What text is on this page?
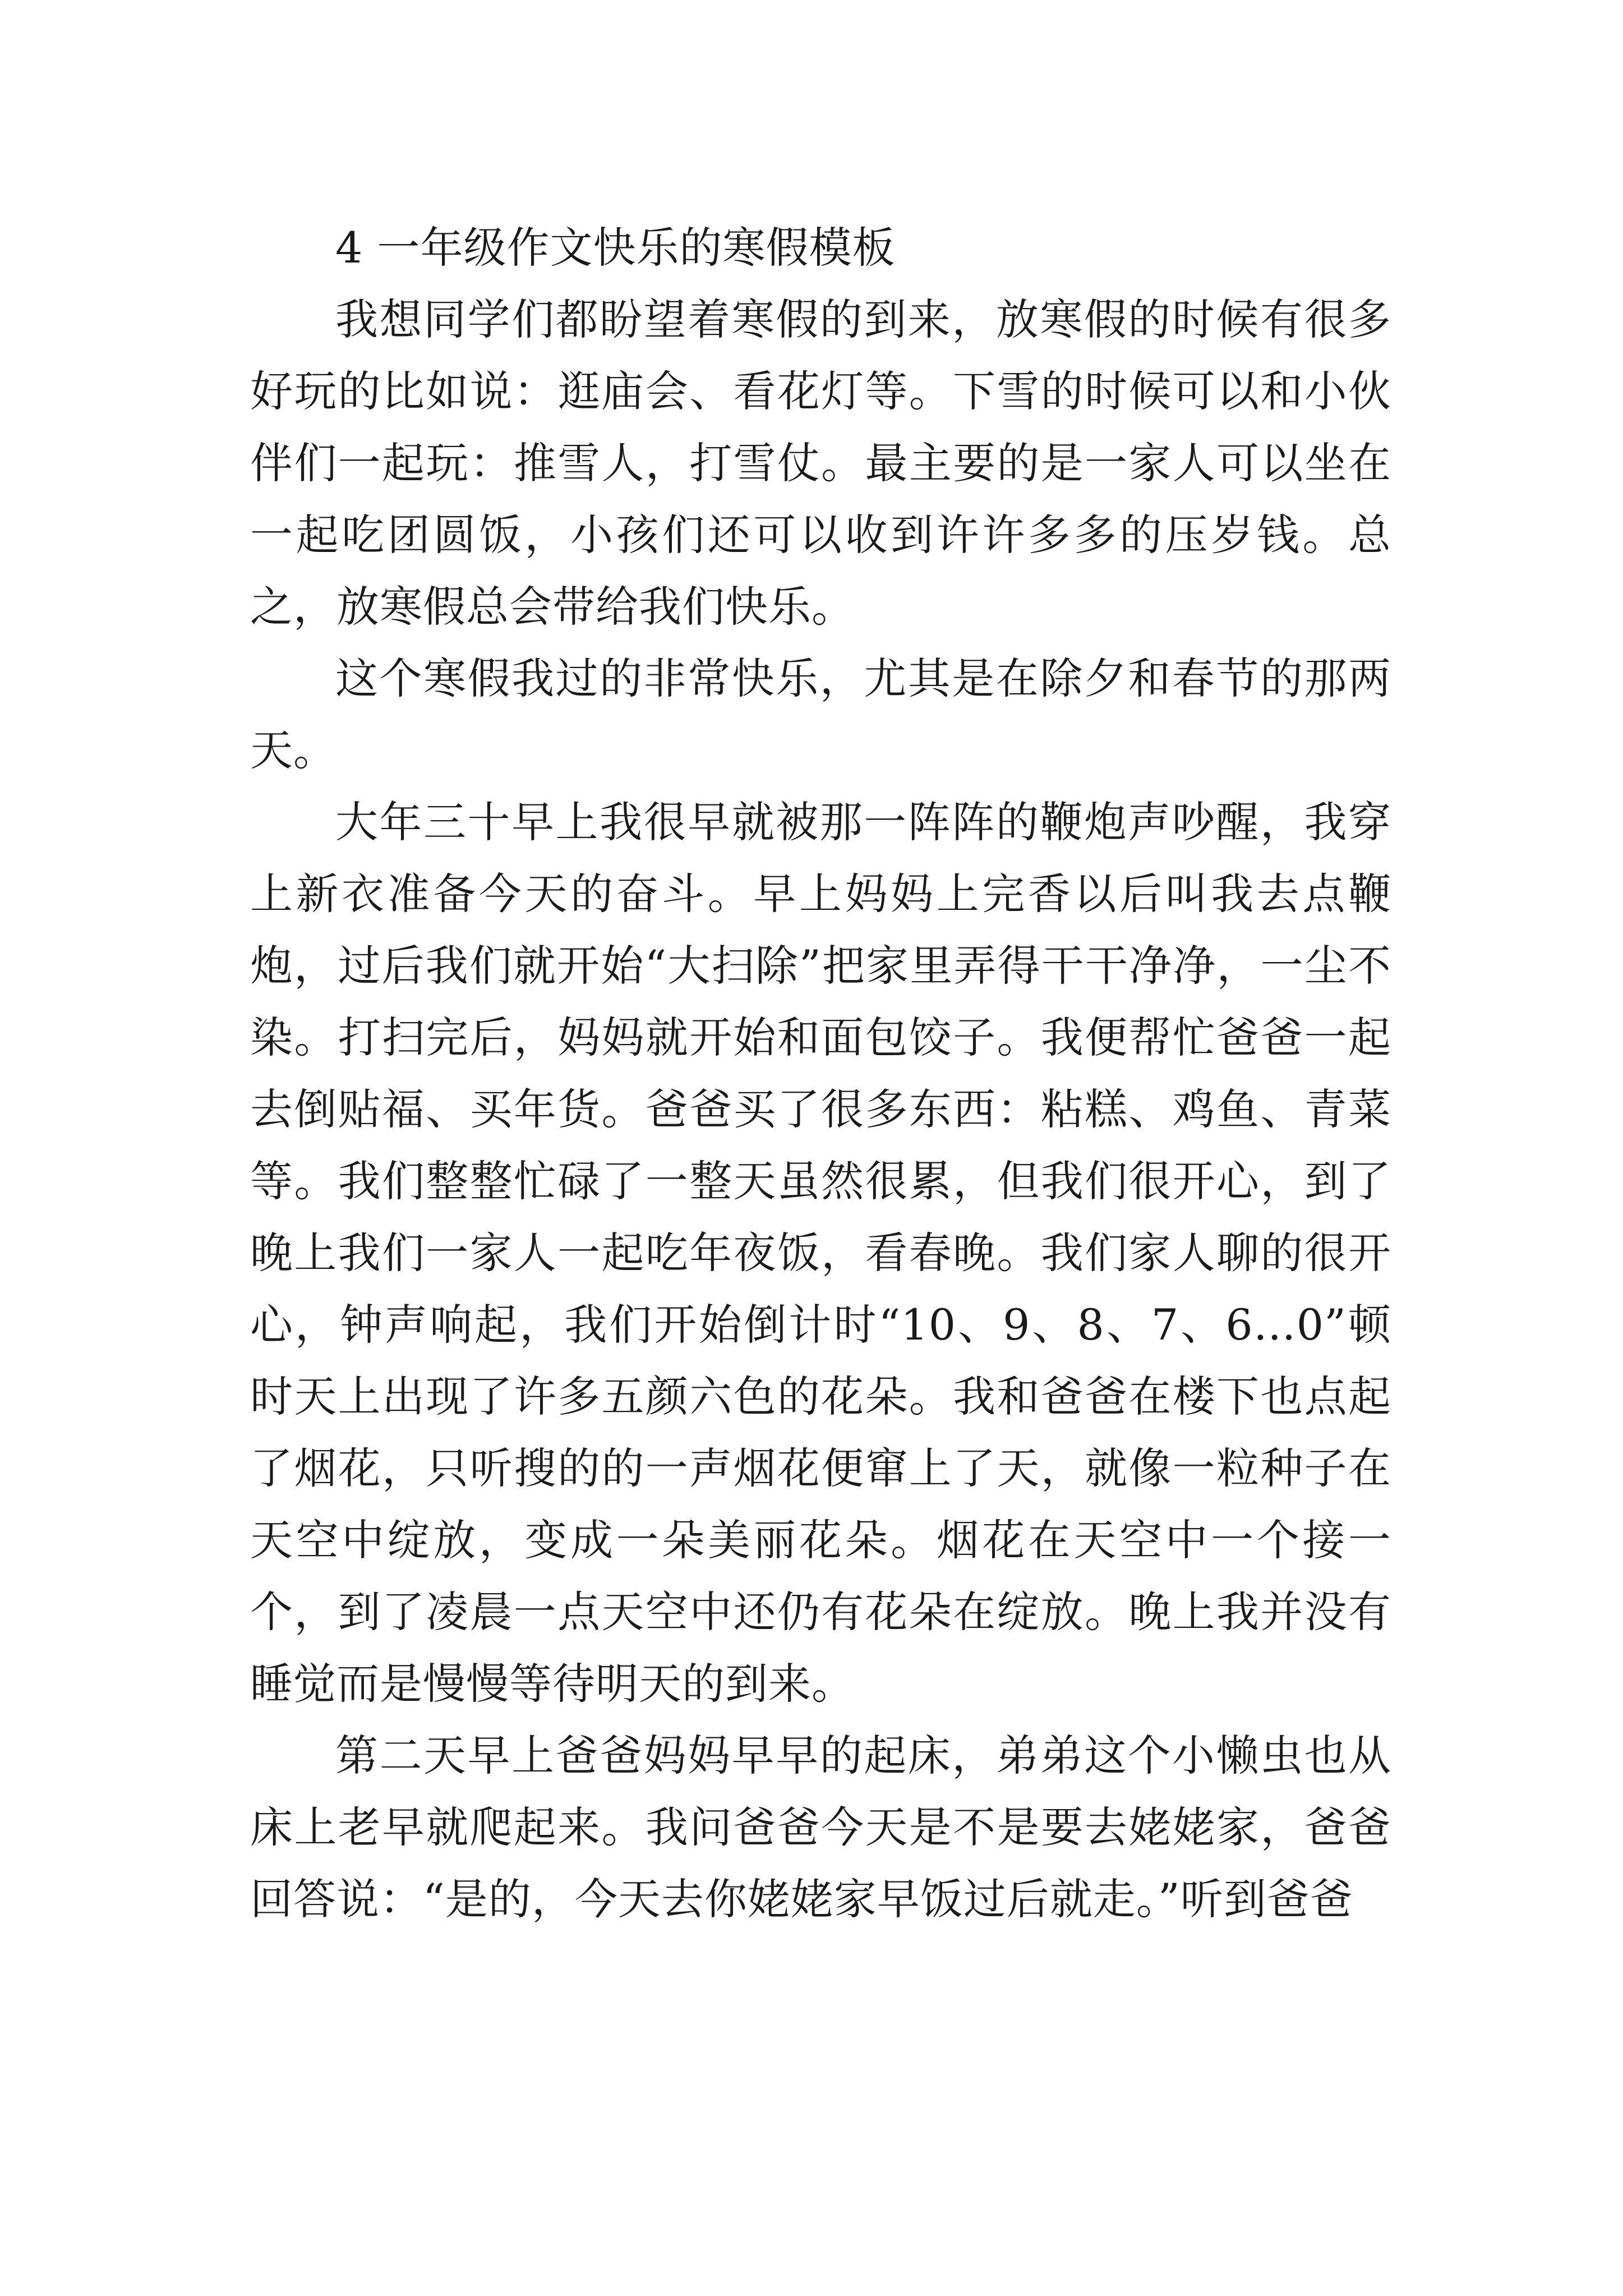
4 一年级作文快乐的寒假模板

我想同学们都盼望着寒假的到来，放寒假的时候有很多好玩的比如说：逛庙会、看花灯等。下雪的时候可以和小伙伴们一起玩：推雪人，打雪仗。最主要的是一家人可以坐在一起吃团圆饭，小孩们还可以收到许许多多的压岁钱。总之，放寒假总会带给我们快乐。

这个寒假我过的非常快乐，尤其是在除夕和春节的那两天。

大年三十早上我很早就被那一阵阵的鞭炮声吵醒，我穿上新衣准备今天的奋斗。早上妈妈上完香以后叫我去点鞭炮，过后我们就开始“大扫除”把家里弄得干干净净，一尘不染。打扫完后，妈妈就开始和面包饺子。我便帮忙爸爸一起去倒贴福、买年货。爸爸买了很多东西：粘糕、鸡鱼、青菜等。我们整整忙碌了一整天虽然很累，但我们很开心，到了晚上我们一家人一起吃年夜饭，看春晚。我们家人聊的很开心，钟声响起，我们开始倒计时“10、9、8、7、6…0”顿时天上出现了许多五颜六色的花朵。我和爸爸在楼下也点起了烟花，只听搜的的一声烟花便窜上了天，就像一粒种子在天空中绽放，变成一朵美丽花朵。烟花在天空中一个接一个，到了凌晨一点天空中还仍有花朵在绽放。晚上我并没有睡觉而是慢慢等待明天的到来。

第二天早上爸爸妈妈早早的起床，弟弟这个小懒虫也从床上老早就爬起来。我问爸爸今天是不是要去姥姥家，爸爸回答说：“是的，今天去你姥姥家早饭过后就走。”听到爸爸
